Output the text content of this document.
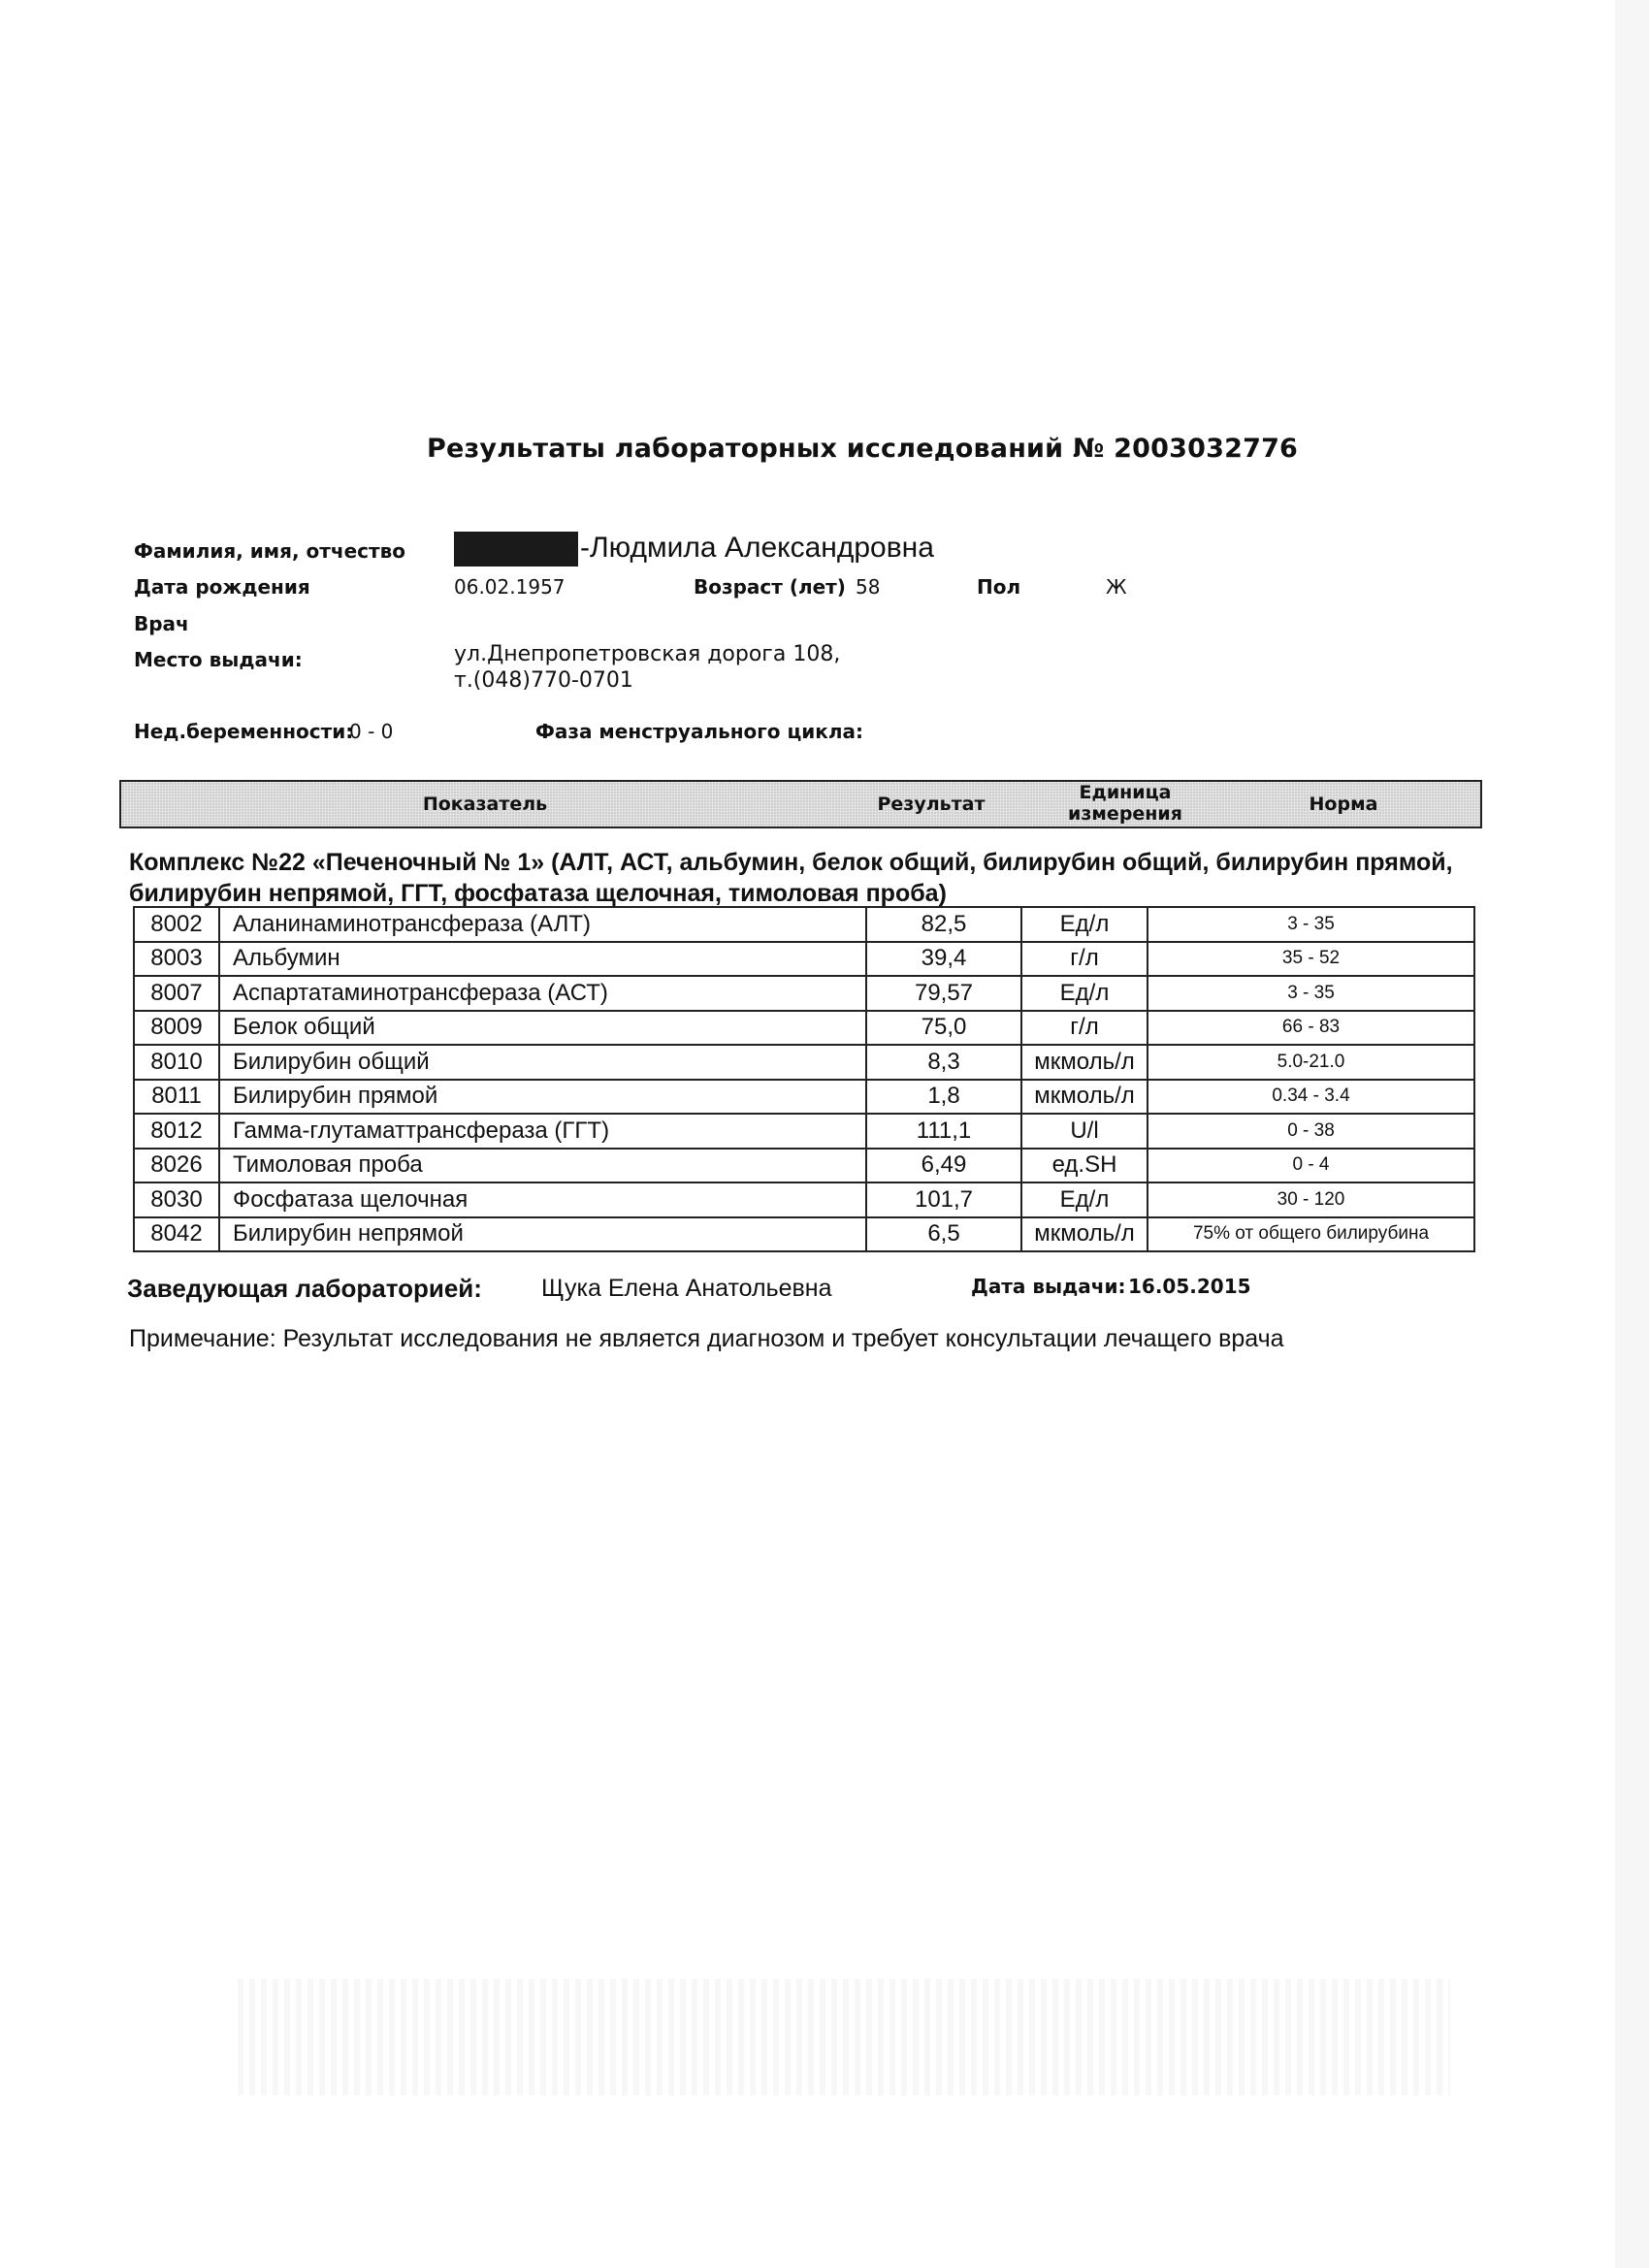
Результаты лабораторных исследований № 2003032776
Фамилия, имя, отчество	-Людмила Александровна
Дата рождения	06.02.1957	Возраст (лет) 58	Пол	Ж
Врач
Место выдачи:	ул.Днепропетровская дорога 108,
т.(048)770-0701
Нед.беременности:
0 - 0	Фаза менструального цикла:
Показатель	Результат
Единица
измерения	Норма
Комплекс №22 «Печеночный № 1» (АЛТ, АСТ, альбумин, белок общий, билирубин общий, билирубин прямой, билирубин непрямой, ГГТ, фосфатаза щелочная, тимоловая проба)
8002	Аланинаминотрансфераза (АЛТ)	82,5	Ед/л	3 - 35
8003	Альбумин	39,4	г/л	35 - 52
8007	Аспартатаминотрансфераза (АСТ)	79,57	Ед/л	3 - 35
8009	Белок общий	75,0	г/л	66 - 83
8010	Билирубин общий	8,3	мкмоль/л	5.0-21.0
8011	Билирубин прямой	1,8	мкмоль/л	0.34 - 3.4
8012	Гамма-глутаматтрансфераза (ГГТ)	111,1	U/l	0 - 38
8026	Тимоловая проба	6,49	ед.SH	0 - 4
8030	Фосфатаза щелочная	101,7	Ед/л	30 - 120
8042	Билирубин непрямой	6,5	мкмоль/л	75% от общего билирубина
Заведующая лабораторией: Щука Елена Анатольевна	Дата выдачи: 16.05.2015
Примечание: Результат исследования не является диагнозом и требует консультации лечащего врача
